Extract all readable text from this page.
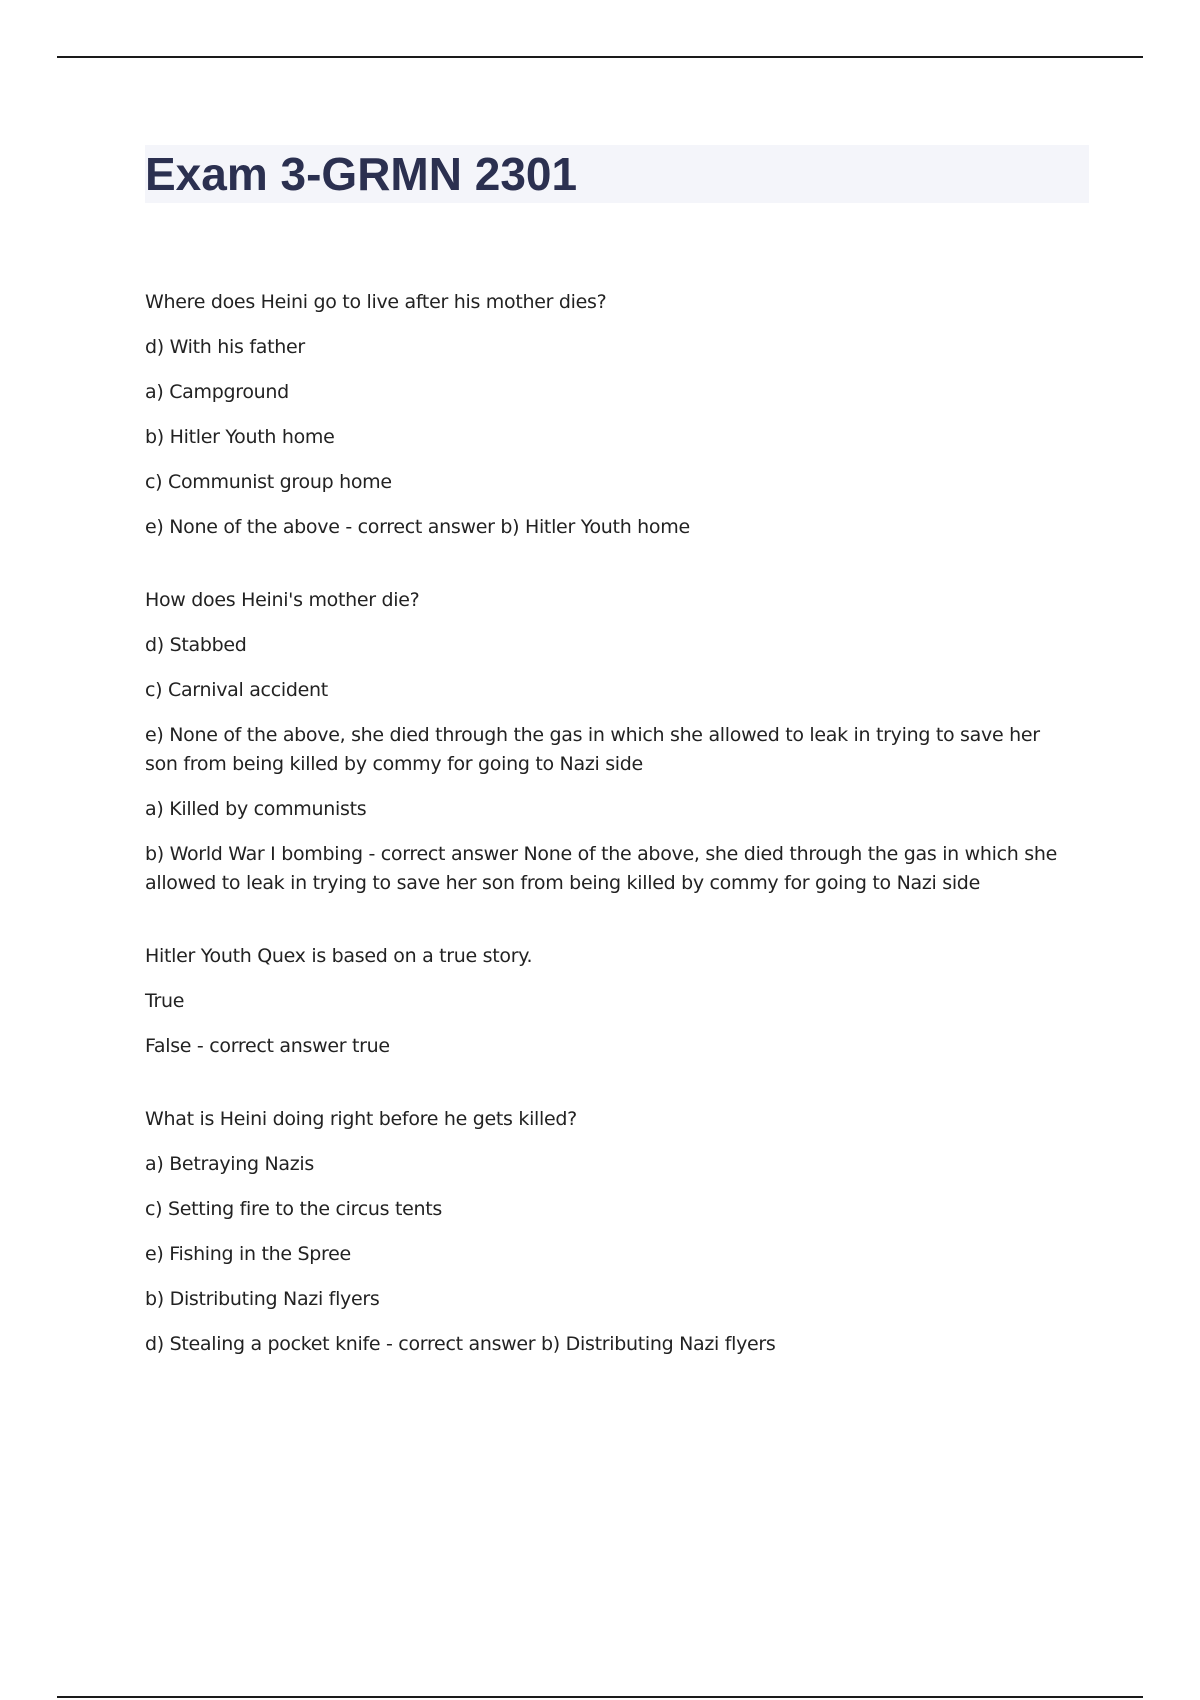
Exam 3-GRMN 2301

Where does Heini go to live after his mother dies?

d) With his father

a) Campground

b) Hitler Youth home

c) Communist group home

e) None of the above - correct answer b) Hitler Youth home

How does Heini's mother die?

d) Stabbed

c) Carnival accident

e) None of the above, she died through the gas in which she allowed to leak in trying to save her son from being killed by commy for going to Nazi side

a) Killed by communists

b) World War I bombing - correct answer None of the above, she died through the gas in which she allowed to leak in trying to save her son from being killed by commy for going to Nazi side

Hitler Youth Quex is based on a true story.

True

False - correct answer true

What is Heini doing right before he gets killed?

a) Betraying Nazis

c) Setting fire to the circus tents

e) Fishing in the Spree

b) Distributing Nazi flyers

d) Stealing a pocket knife - correct answer b) Distributing Nazi flyers
